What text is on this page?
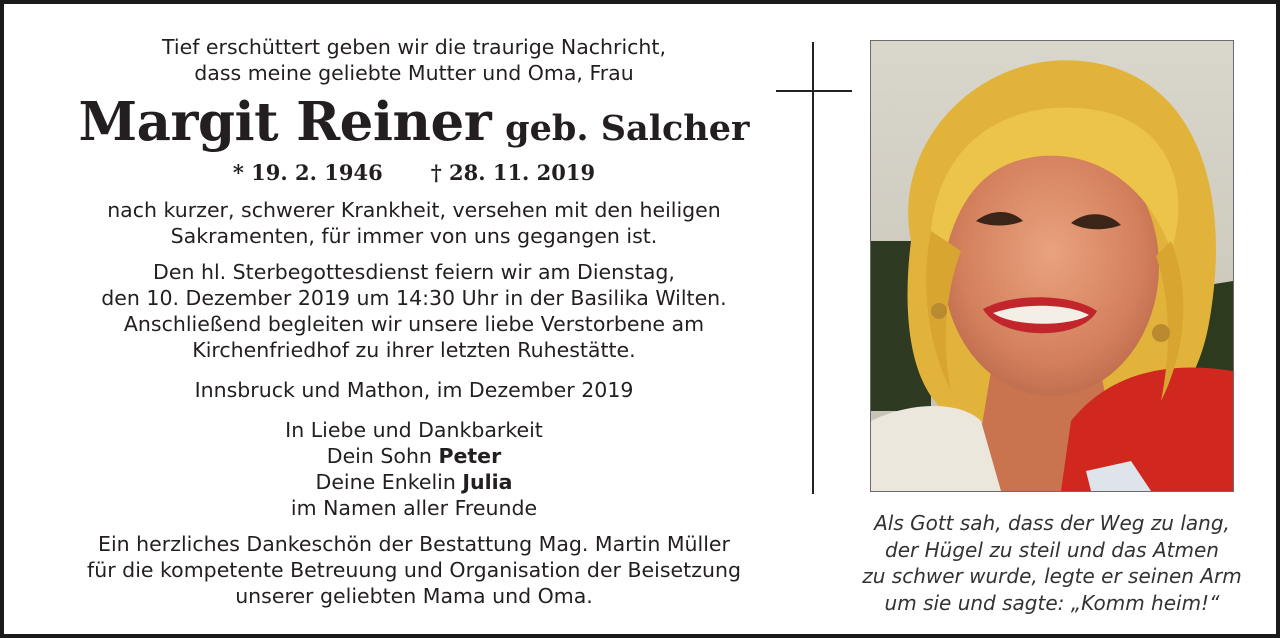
Tief erschüttert geben wir die traurige Nachricht,

dass meine geliebte Mutter und Oma, Frau

Margit Reiner geb. Salcher

* 19. 2. 1946 † 28. 11. 2019

nach kurzer, schwerer Krankheit, versehen mit den heiligen

Sakramenten, für immer von uns gegangen ist.

Den hl. Sterbegottesdienst feiern wir am Dienstag,

den 10. Dezember 2019 um 14:30 Uhr in der Basilika Wilten.

Anschließend begleiten wir unsere liebe Verstorbene am

Kirchenfriedhof zu ihrer letzten Ruhestätte.

Innsbruck und Mathon, im Dezember 2019

In Liebe und Dankbarkeit

Dein Sohn Peter

Deine Enkelin Julia

im Namen aller Freunde

Ein herzliches Dankeschön der Bestattung Mag. Martin Müller

für die kompetente Betreuung und Organisation der Beisetzung

unserer geliebten Mama und Oma.

Als Gott sah, dass der Weg zu lang,

der Hügel zu steil und das Atmen

zu schwer wurde, legte er seinen Arm

um sie und sagte: „Komm heim!“
